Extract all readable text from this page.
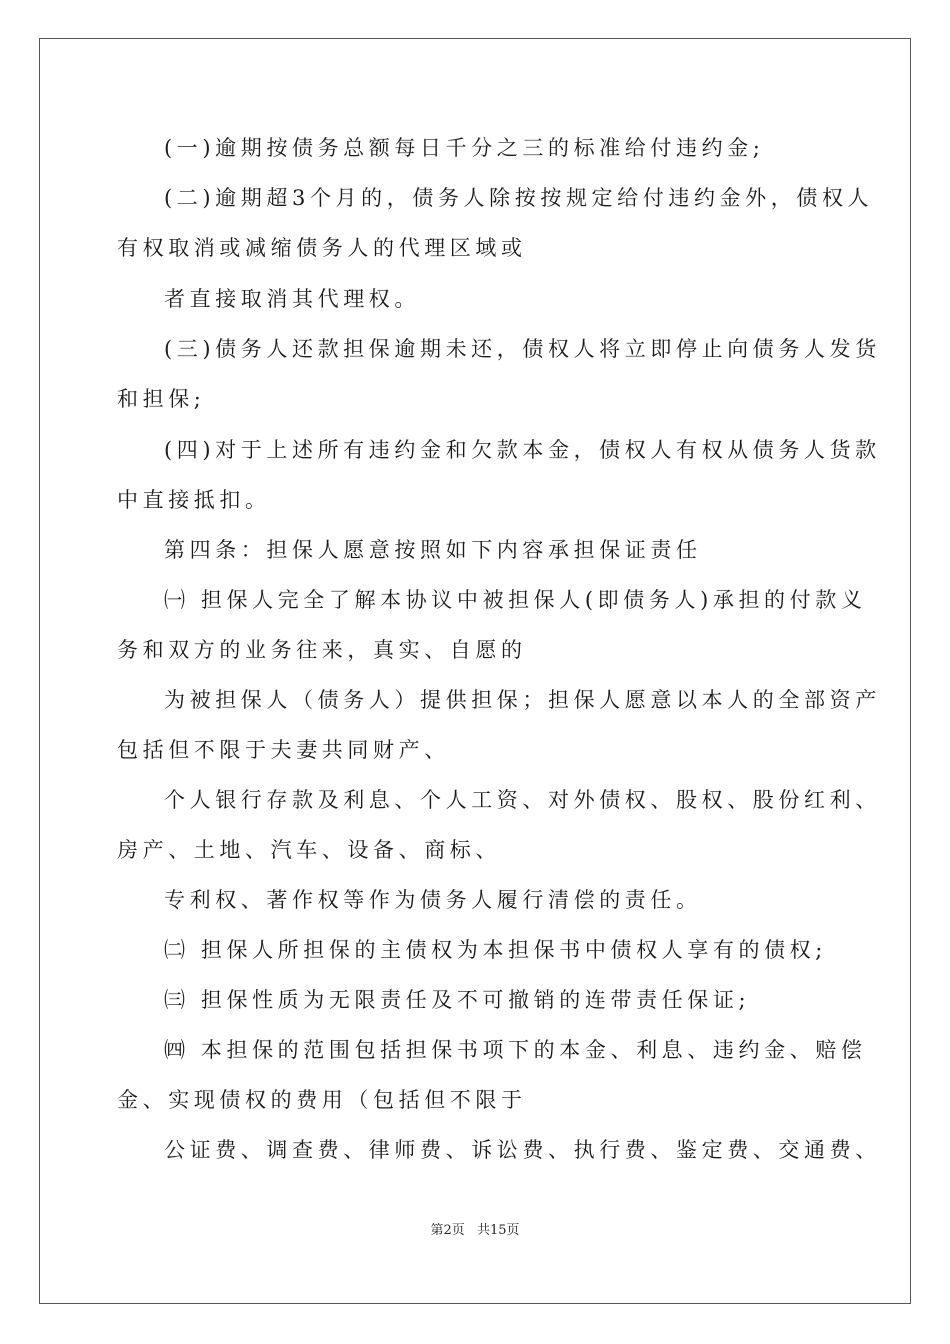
(一)逾期按债务总额每日千分之三的标准给付违约金;
(二)逾期超3个月的，债务人除按按规定给付违约金外，债权人
有权取消或减缩债务人的代理区域或
者直接取消其代理权。
(三)债务人还款担保逾期未还，债权人将立即停止向债务人发货
和担保;
(四)对于上述所有违约金和欠款本金，债权人有权从债务人货款
中直接抵扣。
第四条：担保人愿意按照如下内容承担保证责任
㈠ 担保人完全了解本协议中被担保人(即债务人)承担的付款义
务和双方的业务往来，真实、自愿的
为被担保人（债务人）提供担保；担保人愿意以本人的全部资产
包括但不限于夫妻共同财产、
个人银行存款及利息、个人工资、对外债权、股权、股份红利、
房产、土地、汽车、设备、商标、
专利权、著作权等作为债务人履行清偿的责任。
㈡ 担保人所担保的主债权为本担保书中债权人享有的债权;
㈢ 担保性质为无限责任及不可撤销的连带责任保证;
㈣ 本担保的范围包括担保书项下的本金、利息、违约金、赔偿
金、实现债权的费用（包括但不限于
公证费、调查费、律师费、诉讼费、执行费、鉴定费、交通费、
第2页 共15页
